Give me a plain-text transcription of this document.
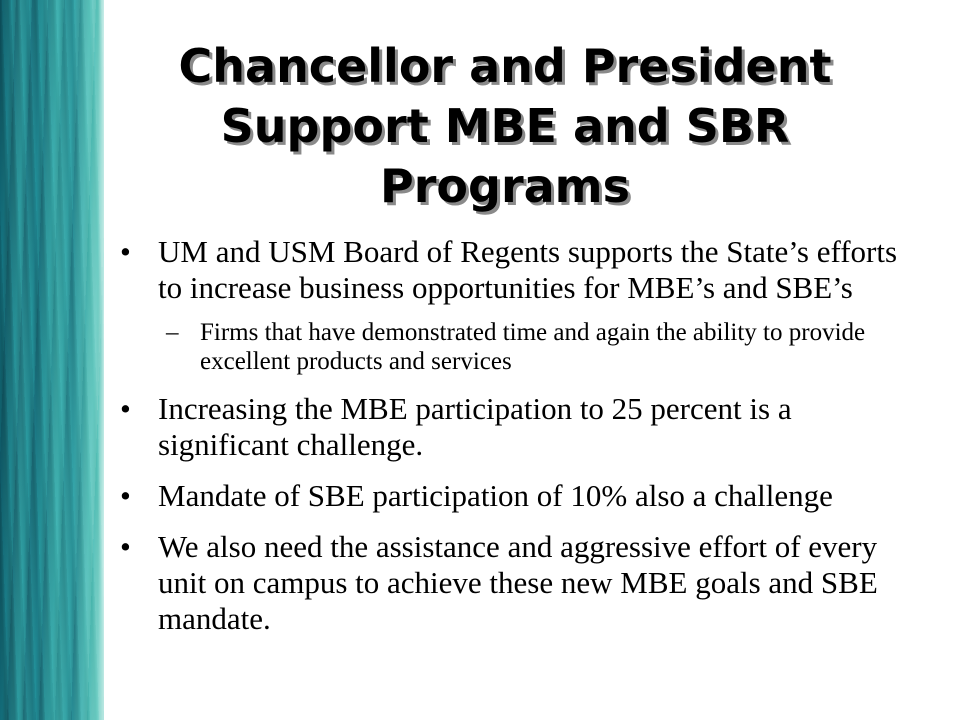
Chancellor and President Support MBE and SBR Programs
• UM and USM Board of Regents supports the State’s efforts to increase business opportunities for MBE’s and SBE’s
– Firms that have demonstrated time and again the ability to provide excellent products and services
• Increasing the MBE participation to 25 percent is a significant challenge.
• Mandate of SBE participation of 10% also a challenge
• We also need the assistance and aggressive effort of every unit on campus to achieve these new MBE goals and SBE mandate.
